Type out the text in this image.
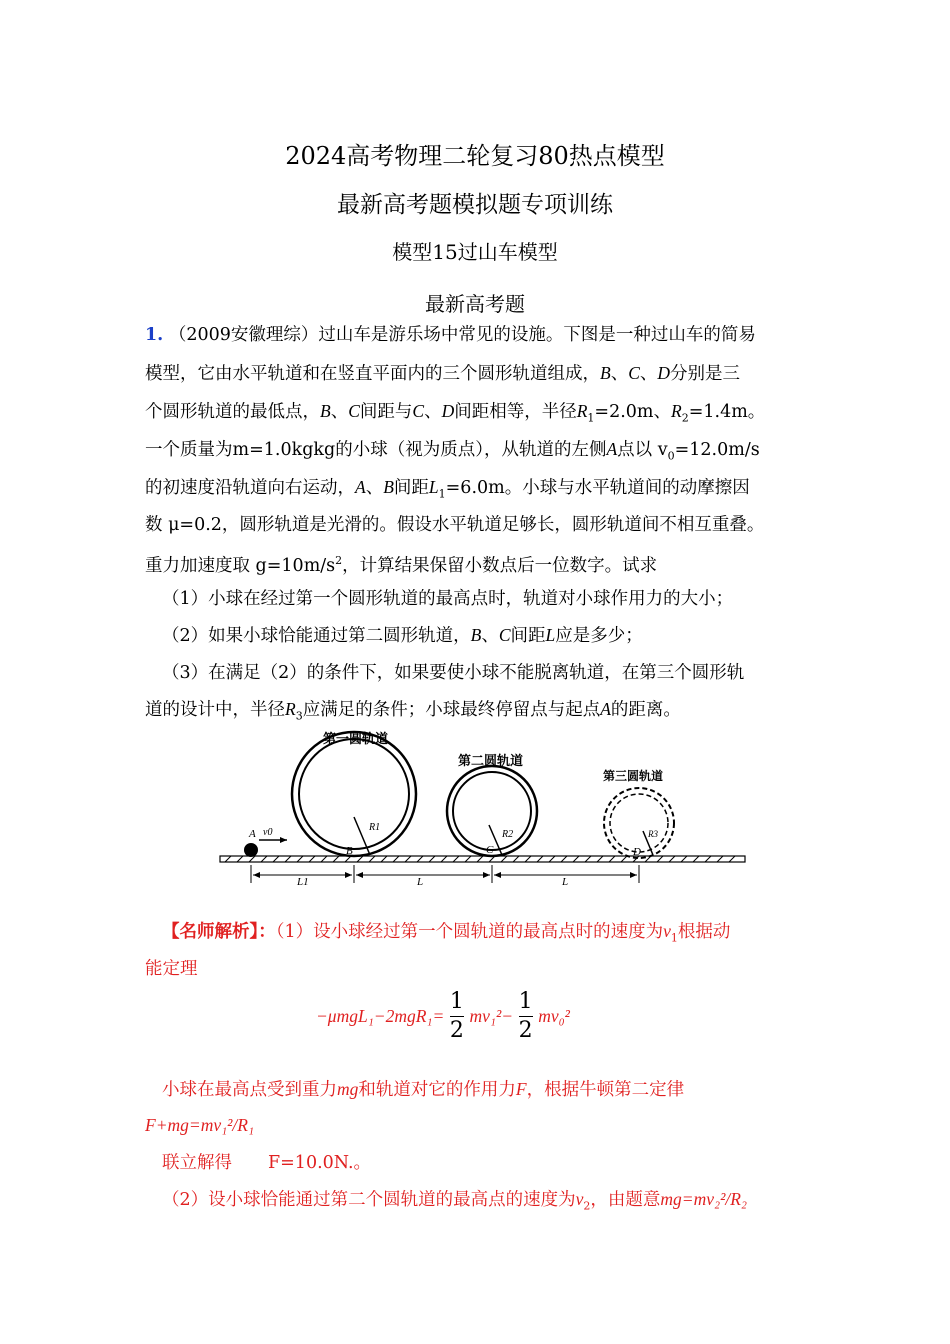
2024高考物理二轮复习80热点模型
最新高考题模拟题专项训练
模型15过山车模型
最新高考题
1. （2009安徽理综）过山车是游乐场中常见的设施。下图是一种过山车的简易
模型，它由水平轨道和在竖直平面内的三个圆形轨道组成，B、C、D分别是三
个圆形轨道的最低点，B、C间距与C、D间距相等，半径$R_1=2.0m$、$R_2=1.4m$。
一个质量为m=1.0kgkg的小球（视为质点），从轨道的左侧A点以 $v_0=12.0m/s$
的初速度沿轨道向右运动，A、B间距$L_1=6.0m$。小球与水平轨道间的动摩擦因
数 μ=0.2，圆形轨道是光滑的。假设水平轨道足够长，圆形轨道间不相互重叠。
重力加速度取 $g=10m/s^2$，计算结果保留小数点后一位数字。试求
（1）小球在经过第一个圆形轨道的最高点时，轨道对小球作用力的大小；
（2）如果小球恰能通过第二圆形轨道，B、C间距L应是多少；
（3）在满足（2）的条件下，如果要使小球不能脱离轨道，在第三个圆形轨
道的设计中，半径$R_3$应满足的条件；小球最终停留点与起点A的距离。
第一圆轨道
第二圆轨道
第三圆轨道
A v0
B	C	D
R1
R2	R3
L1	L	L
【名师解析】：（1）设小球经过第一个圆轨道的最高点时的速度为$v_1$根据动
能定理
$-\mu mgL_1-2mgR_1= \frac{1}{2} mv_1^2- \frac{1}{2} mv_0^2$
小球在最高点受到重力mg和轨道对它的作用力F，根据牛顿第二定律
F+mg=mv₁²/R₁
联立解得 F=10.0N.。
（2）设小球恰能通过第二个圆轨道的最高点的速度为$v_2$，由题意mg=mv₂²/R₂
